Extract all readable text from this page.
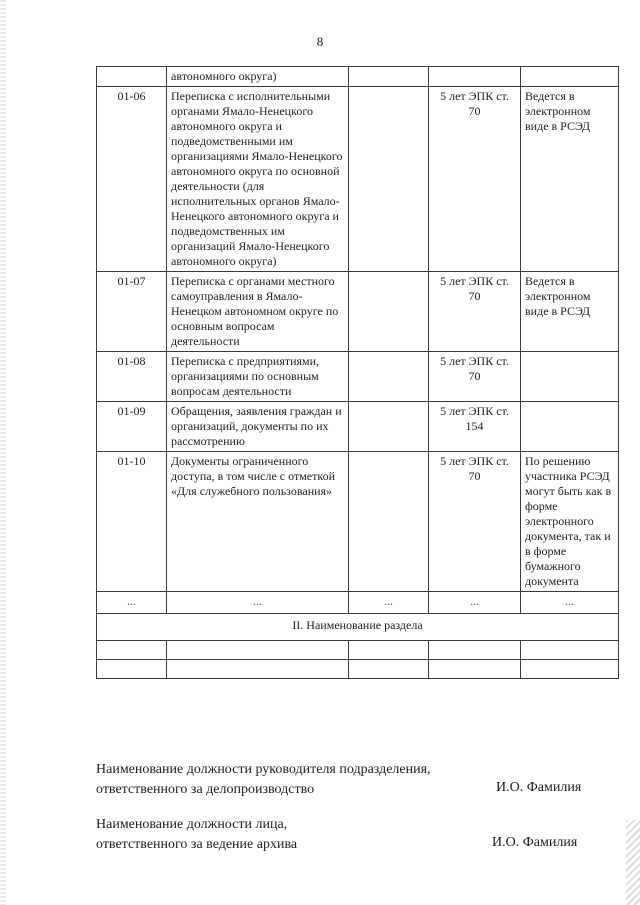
8
	автономного округа)			
01-06	Переписка с исполнительными органами Ямало-Ненецкого автономного округа и подведомственными им организациями Ямало-Ненецкого автономного округа по основной деятельности (для исполнительных органов Ямало-Ненецкого автономного округа и подведомственных им организаций Ямало-Ненецкого автономного округа)		5 лет ЭПК ст. 70	Ведется в электронном виде в РСЭД
01-07	Переписка с органами местного самоуправления в Ямало-Ненецком автономном округе по основным вопросам деятельности		5 лет ЭПК ст. 70	Ведется в электронном виде в РСЭД
01-08	Переписка с предприятиями, организациями по основным вопросам деятельности		5 лет ЭПК ст. 70	
01-09	Обращения, заявления граждан и организаций, документы по их рассмотрению		5 лет ЭПК ст. 154	
01-10	Документы ограниченного доступа, в том числе с отметкой «Для служебного пользования»		5 лет ЭПК ст. 70	По решению участника РСЭД могут быть как в форме электронного документа, так и в форме бумажного документа
...	...	...	...	...
II. Наименование раздела				

Наименование должности руководителя подразделения,
ответственного за делопроизводство	И.О. Фамилия
Наименование должности лица,
ответственного за ведение архива	И.О. Фамилия
